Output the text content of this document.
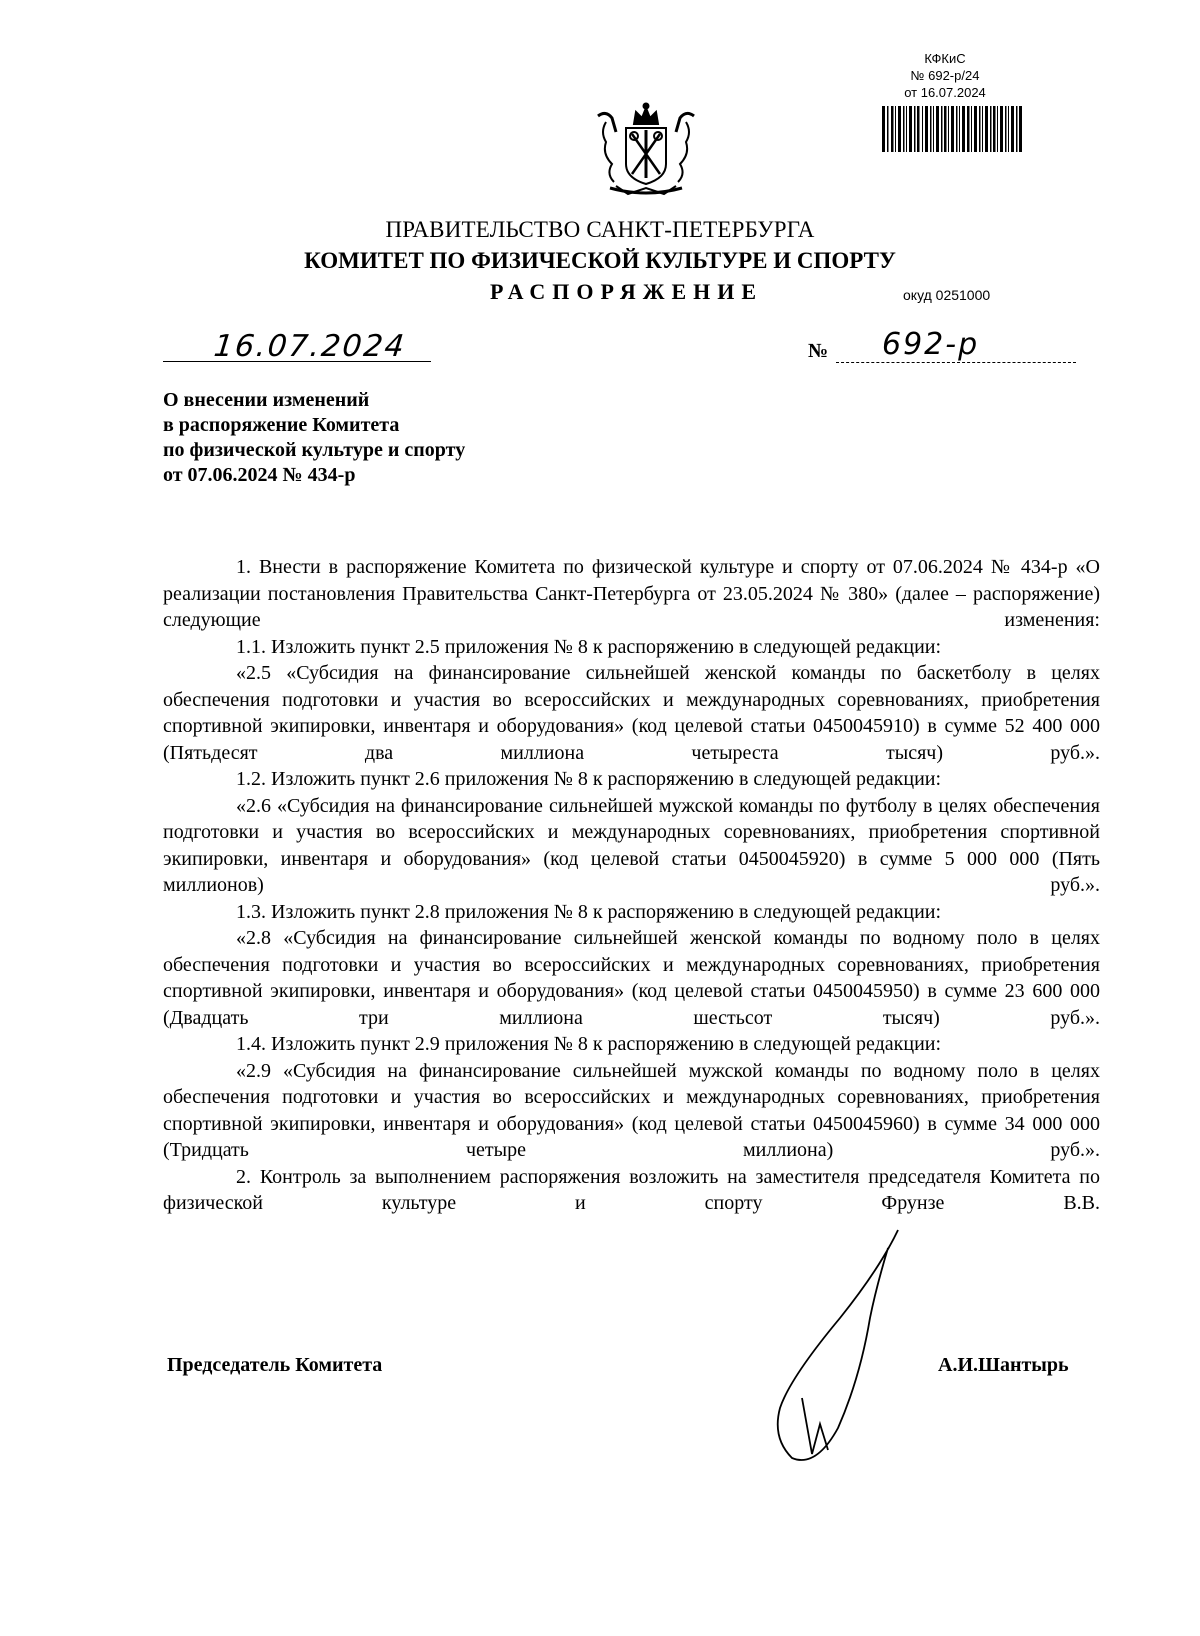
КФКиС
№ 692-р/24
от 16.07.2024
ПРАВИТЕЛЬСТВО САНКТ-ПЕТЕРБУРГА
КОМИТЕТ ПО ФИЗИЧЕСКОЙ КУЛЬТУРЕ И СПОРТУ
РАСПОРЯЖЕНИЕ	окуд 0251000
16.07.2024	№ 692-р
О внесении изменений
в распоряжение Комитета
по физической культуре и спорту
от 07.06.2024 № 434-р

1. Внести в распоряжение Комитета по физической культуре и спорту от 07.06.2024 № 434-р «О реализации постановления Правительства Санкт-Петербурга от 23.05.2024 № 380» (далее – распоряжение) следующие изменения:

1.1. Изложить пункт 2.5 приложения № 8 к распоряжению в следующей редакции:

«2.5 «Субсидия на финансирование сильнейшей женской команды по баскетболу в целях обеспечения подготовки и участия во всероссийских и международных соревнованиях, приобретения спортивной экипировки, инвентаря и оборудования» (код целевой статьи 0450045910) в сумме 52 400 000 (Пятьдесят два миллиона четыреста тысяч) руб.».

1.2. Изложить пункт 2.6 приложения № 8 к распоряжению в следующей редакции:

«2.6 «Субсидия на финансирование сильнейшей мужской команды по футболу в целях обеспечения подготовки и участия во всероссийских и международных соревнованиях, приобретения спортивной экипировки, инвентаря и оборудования» (код целевой статьи 0450045920) в сумме 5 000 000 (Пять миллионов) руб.».

1.3. Изложить пункт 2.8 приложения № 8 к распоряжению в следующей редакции:

«2.8 «Субсидия на финансирование сильнейшей женской команды по водному поло в целях обеспечения подготовки и участия во всероссийских и международных соревнованиях, приобретения спортивной экипировки, инвентаря и оборудования» (код целевой статьи 0450045950) в сумме 23 600 000 (Двадцать три миллиона шестьсот тысяч) руб.».

1.4. Изложить пункт 2.9 приложения № 8 к распоряжению в следующей редакции:

«2.9 «Субсидия на финансирование сильнейшей мужской команды по водному поло в целях обеспечения подготовки и участия во всероссийских и международных соревнованиях, приобретения спортивной экипировки, инвентаря и оборудования» (код целевой статьи 0450045960) в сумме 34 000 000 (Тридцать четыре миллиона) руб.».

2. Контроль за выполнением распоряжения возложить на заместителя председателя Комитета по физической культуре и спорту Фрунзе В.В.

Председатель Комитета	А.И.Шантырь
